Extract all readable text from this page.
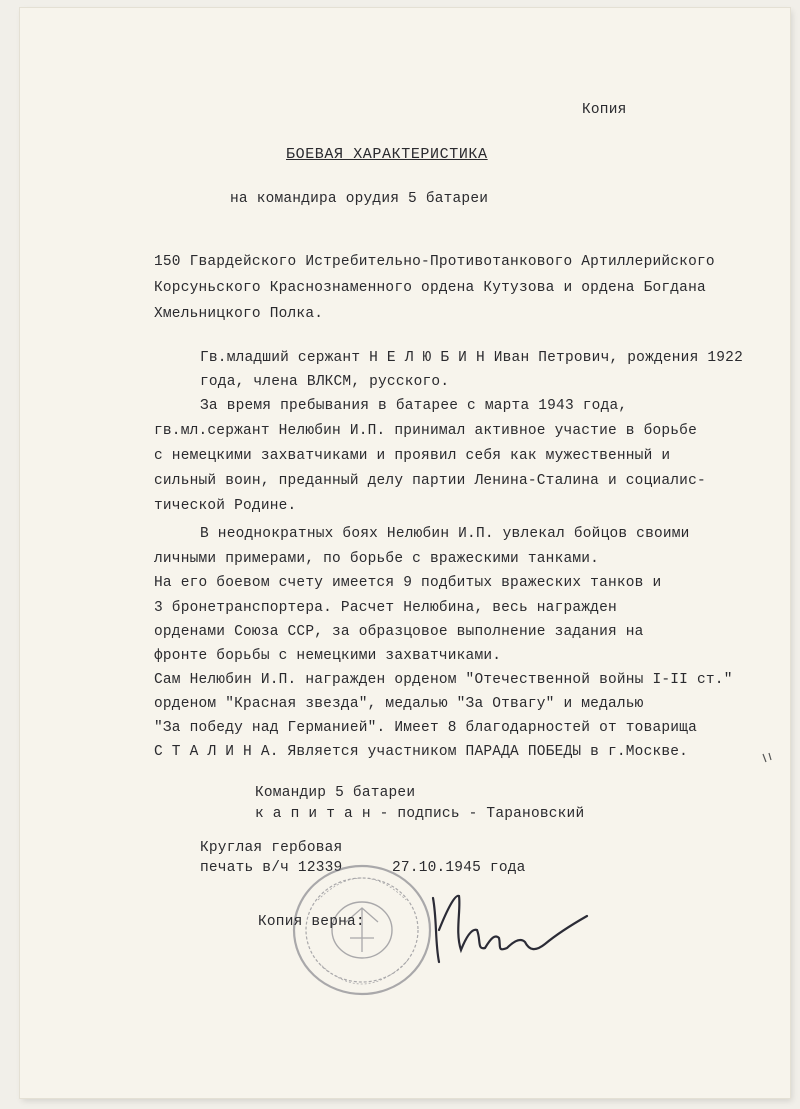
Копия
БОЕВАЯ ХАРАКТЕРИСТИКА
на командира орудия 5 батареи
150 Гвардейского Истребительно-Противотанкового Артиллерийского
Корсуньского Краснознаменного ордена Кутузова и ордена Богдана
Хмельницкого Полка.
Гв.младший сержант Н Е Л Ю Б И Н Иван Петрович, рождения 1922 года, члена ВЛКСМ, русского.
За время пребывания в батарее с марта 1943 года,
гв.мл.сержант Нелюбин И.П. принимал активное участие в борьбе
с немецкими захватчиками и проявил себя как мужественный и
сильный воин, преданный делу партии Ленина-Сталина и социалис-
тической Родине.
В неоднократных боях Нелюбин И.П. увлекал бойцов своими
личными примерами, по борьбе с вражескими танками.
На его боевом счету имеется 9 подбитых вражеских танков и
3 бронетранспортера. Расчет Нелюбина, весь награжден
орденами Союза ССР, за образцовое выполнение задания на
фронте борьбы с немецкими захватчиками.
Сам Нелюбин И.П. награжден орденом "Отечественной войны I-II ст."
орденом "Красная звезда", медалью "За Отвагу" и медалью
"За победу над Германией". Имеет 8 благодарностей от товарища
С Т А Л И Н А. Является участником ПАРАДА ПОБЕДЫ в г.Москве.
Командир 5 батареи
к а п и т а н - подпись - Тарановский
Круглая гербовая
печать в/ч 12339	27.10.1945 года
Копия верна:
